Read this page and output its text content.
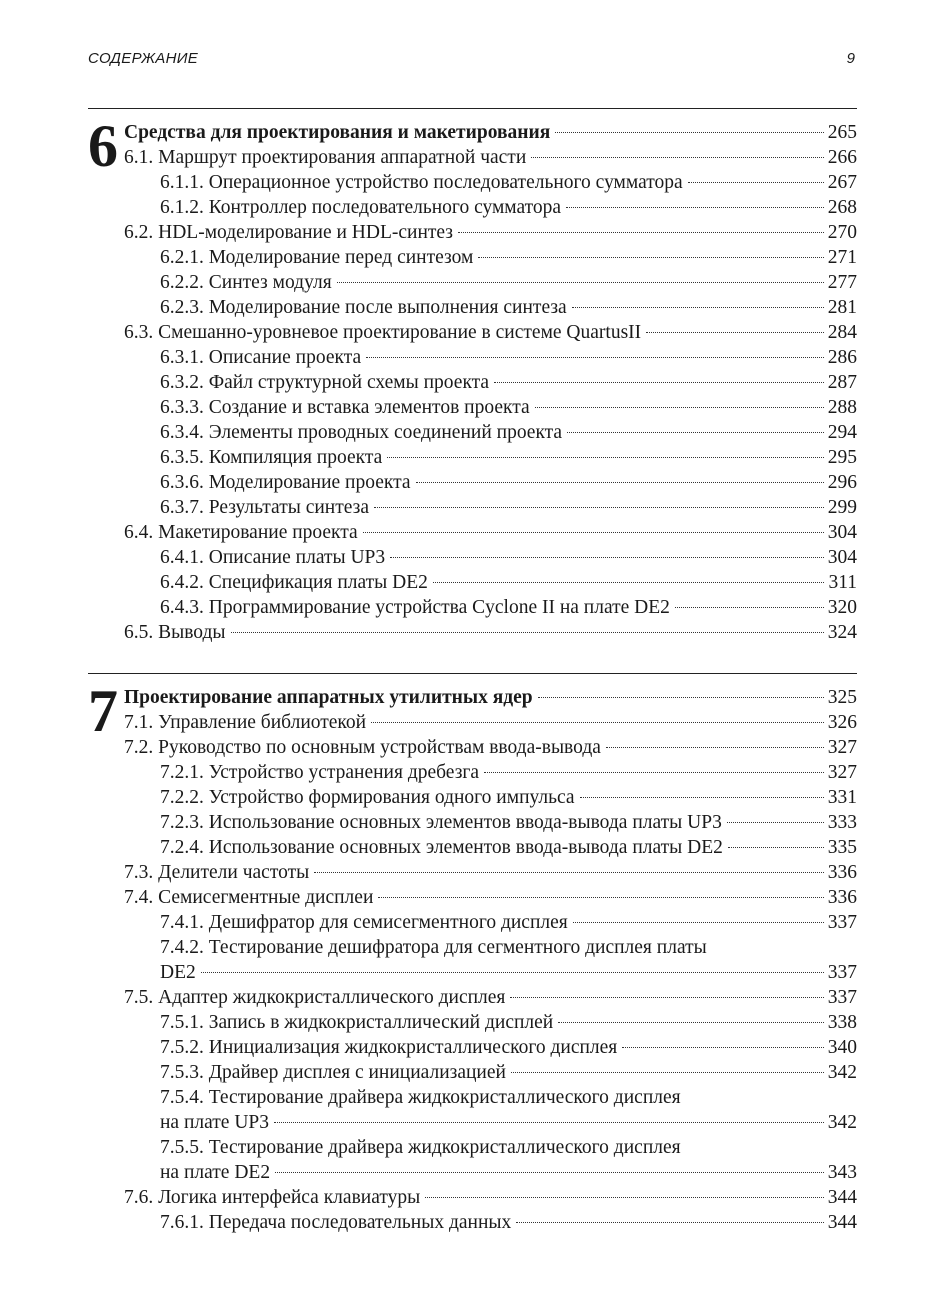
СОДЕРЖАНИЕ	9
6 Средства для проектирования и макетирования	265
6.1. Маршрут проектирования аппаратной части	266
6.1.1. Операционное устройство последовательного сумматора	267
6.1.2. Контроллер последовательного сумматора	268
6.2. HDL-моделирование и HDL-синтез	270
6.2.1. Моделирование перед синтезом	271
6.2.2. Синтез модуля	277
6.2.3. Моделирование после выполнения синтеза	281
6.3. Смешанно-уровневое проектирование в системе QuartusII	284
6.3.1. Описание проекта	286
6.3.2. Файл структурной схемы проекта	287
6.3.3. Создание и вставка элементов проекта	288
6.3.4. Элементы проводных соединений проекта	294
6.3.5. Компиляция проекта	295
6.3.6. Моделирование проекта	296
6.3.7. Результаты синтеза	299
6.4. Макетирование проекта	304
6.4.1. Описание платы UP3	304
6.4.2. Спецификация платы DE2	311
6.4.3. Программирование устройства Cyclone II на плате DE2	320
6.5. Выводы	324
7 Проектирование аппаратных утилитных ядер	325
7.1. Управление библиотекой	326
7.2. Руководство по основным устройствам ввода-вывода	327
7.2.1. Устройство устранения дребезга	327
7.2.2. Устройство формирования одного импульса	331
7.2.3. Использование основных элементов ввода-вывода платы UP3	333
7.2.4. Использование основных элементов ввода-вывода платы DE2	335
7.3. Делители частоты	336
7.4. Семисегментные дисплеи	336
7.4.1. Дешифратор для семисегментного дисплея	337
7.4.2. Тестирование дешифратора для сегментного дисплея платы
DE2	337
7.5. Адаптер жидкокристаллического дисплея	337
7.5.1. Запись в жидкокристаллический дисплей	338
7.5.2. Инициализация жидкокристаллического дисплея	340
7.5.3. Драйвер дисплея с инициализацией	342
7.5.4. Тестирование драйвера жидкокристаллического дисплея
на плате UP3	342
7.5.5. Тестирование драйвера жидкокристаллического дисплея
на плате DE2	343
7.6. Логика интерфейса клавиатуры	344
7.6.1. Передача последовательных данных	344
